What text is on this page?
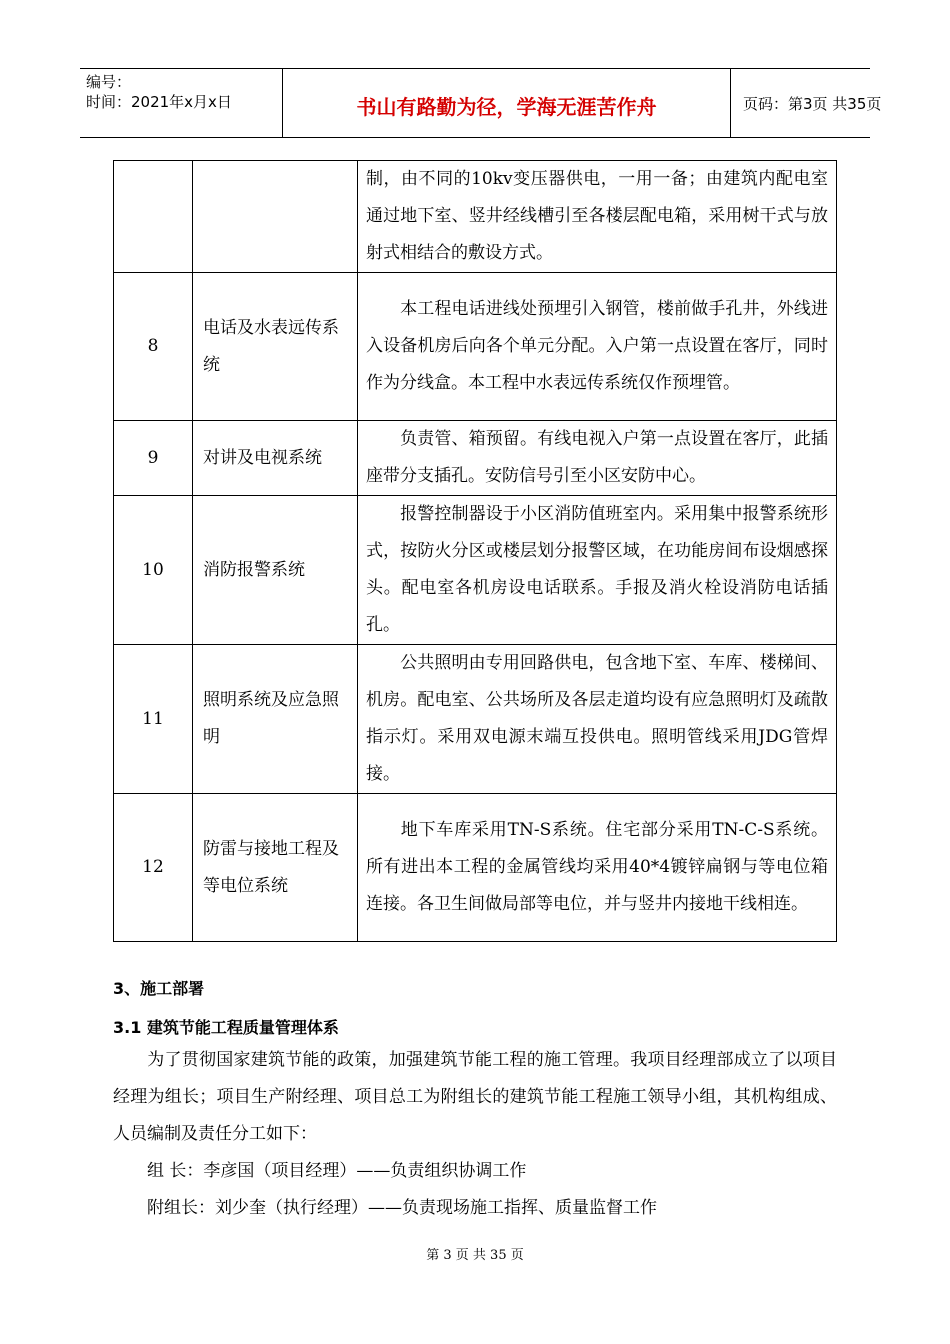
编号：
时间：2021年x月x日	书山有路勤为径，学海无涯苦作舟	页码：第3页 共35页
		制，由不同的10kv变压器供电，一用一备；由建筑内配电室通过地下室、竖井经线槽引至各楼层配电箱，采用树干式与放射式相结合的敷设方式。
8	电话及水表远传系统	本工程电话进线处预埋引入钢管，楼前做手孔井，外线进入设备机房后向各个单元分配。入户第一点设置在客厅，同时作为分线盒。本工程中水表远传系统仅作预埋管。
9	对讲及电视系统	负责管、箱预留。有线电视入户第一点设置在客厅，此插座带分支插孔。安防信号引至小区安防中心。
10	消防报警系统	报警控制器设于小区消防值班室内。采用集中报警系统形式，按防火分区或楼层划分报警区域，在功能房间布设烟感探头。配电室各机房设电话联系。手报及消火栓设消防电话插孔。
11	照明系统及应急照明	公共照明由专用回路供电，包含地下室、车库、楼梯间、机房。配电室、公共场所及各层走道均设有应急照明灯及疏散指示灯。采用双电源末端互投供电。照明管线采用JDG管焊接。
12	防雷与接地工程及等电位系统	地下车库采用TN-S系统。住宅部分采用TN-C-S系统。所有进出本工程的金属管线均采用40*4镀锌扁钢与等电位箱连接。各卫生间做局部等电位，并与竖井内接地干线相连。
3、施工部署
3.1 建筑节能工程质量管理体系
为了贯彻国家建筑节能的政策，加强建筑节能工程的施工管理。我项目经理部成立了以项目经理为组长；项目生产附经理、项目总工为附组长的建筑节能工程施工领导小组，其机构组成、人员编制及责任分工如下：
组 长：李彦国（项目经理）——负责组织协调工作
附组长：刘少奎（执行经理）——负责现场施工指挥、质量监督工作
第 3 页 共 35 页
